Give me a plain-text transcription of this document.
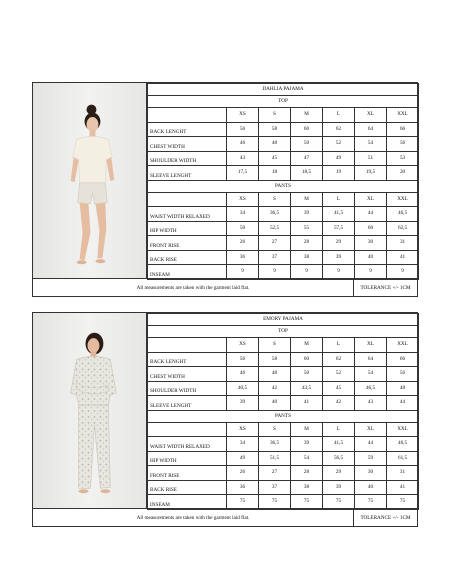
DAHLIA PAJAMA						
TOP						
	XS	S	M	L	XL	XXL
BACK LENGHT	56	58	60	62	64	66
CHEST WIDTH	46	48	50	52	54	56
SHOULDER WIDTH	43	45	47	49	51	53
SLEEVE LENGHT	17,5	18	18,5	19	19,5	20
PANTS						
	XS	S	M	L	XL	XXL
WAIST WIDTH RELAXED	34	36,5	39	41,5	44	46,5
HIP WIDTH	50	52,5	55	57,5	60	62,5
FRONT RISE	26	27	28	29	30	31
BACK RISE	36	37	38	39	40	41
INSEAM	9	9	9	9	9	9
All measurements are taken with the garment laid flat.	TOLERANCE +/- 1CM
EMORY PAJAMA						
TOP						
	XS	S	M	L	XL	XXL
BACK LENGHT	56	58	60	62	64	66
CHEST WIDTH	46	48	50	52	54	56
SHOULDER WIDTH	40,5	42	43,5	45	46,5	48
SLEEVE LENGHT	39	40	41	42	43	44
PANTS						
	XS	S	M	L	XL	XXL
WAIST WIDTH RELAXED	34	36,5	39	41,5	44	46,5
HIP WIDTH	49	51,5	54	56,5	59	61,5
FRONT RISE	26	27	28	29	30	31
BACK RISE	36	37	38	39	40	41
INSEAM	75	75	75	75	75	75
All measurements are taken with the garment laid flat.	TOLERANCE +/- 1CM
